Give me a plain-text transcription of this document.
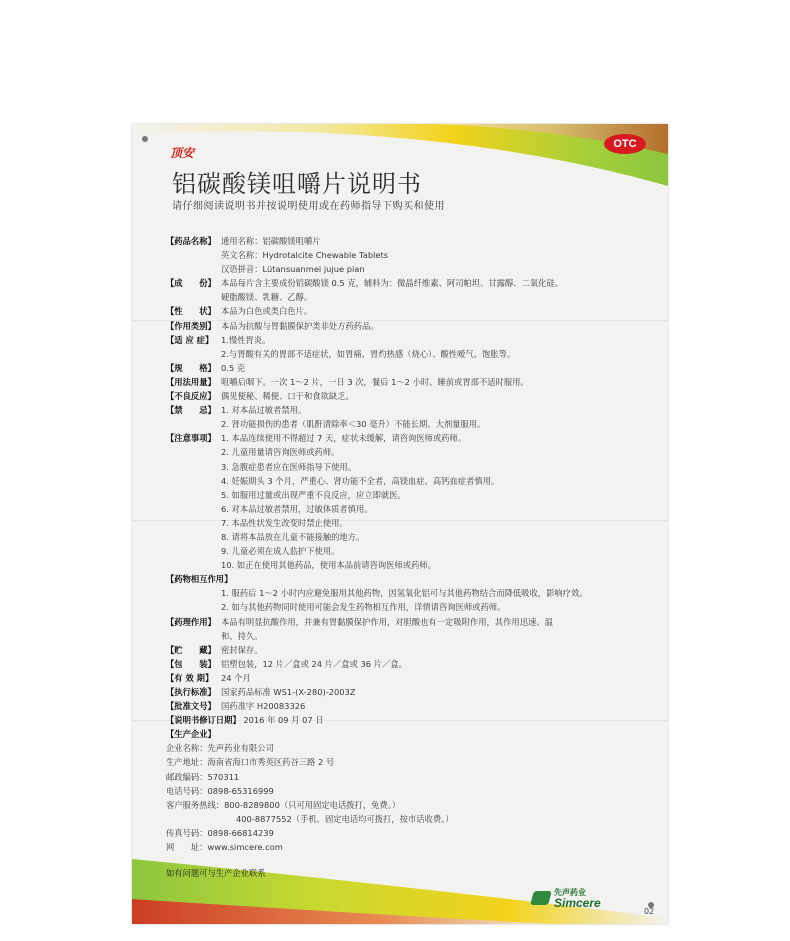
顶安
OTC
铝碳酸镁咀嚼片说明书
请仔细阅读说明书并按说明使用或在药师指导下购买和使用
【药品名称】 通用名称：铝碳酸镁咀嚼片
英文名称：Hydrotalcite Chewable Tablets
汉语拼音：Lütansuanmei jujue pian
【成　　份】 本品每片含主要成份铝碳酸镁 0.5 克，辅料为：微晶纤维素、阿司帕坦、甘露醇、二氧化硅、
硬脂酸镁、乳糖、乙醇。
【性　　状】 本品为白色或类白色片。
【作用类别】 本品为抗酸与胃黏膜保护类非处方药药品。
【适 应 症】 1.慢性胃炎。
2.与胃酸有关的胃部不适症状，如胃痛、胃灼热感（烧心）、酸性嗳气、饱胀等。
【规　　格】 0.5 克
【用法用量】 咀嚼后咽下。一次 1～2 片，一日 3 次，餐后 1～2 小时、睡前或胃部不适时服用。
【不良反应】 偶见便秘、稀便、口干和食欲缺乏。
【禁　　忌】 1. 对本品过敏者禁用。
2. 肾功能损伤的患者（肌酐清除率＜30 毫升）不能长期、大剂量服用。
【注意事项】 1. 本品连续使用不得超过 7 天，症状未缓解，请咨询医师或药师。
2. 儿童用量请咨询医师或药师。
3. 急腹症患者应在医师指导下使用。
4. 妊娠期头 3 个月，严重心、肾功能不全者，高镁血症、高钙血症者慎用。
5. 如服用过量或出现严重不良反应，应立即就医。
6. 对本品过敏者禁用，过敏体质者慎用。
7. 本品性状发生改变时禁止使用。
8. 请将本品放在儿童不能接触的地方。
9. 儿童必须在成人监护下使用。
10. 如正在使用其他药品，使用本品前请咨询医师或药师。
【药物相互作用】
1. 服药后 1～2 小时内应避免服用其他药物，因氢氧化铝可与其他药物结合而降低吸收，影响疗效。
2. 如与其他药物同时使用可能会发生药物相互作用，详情请咨询医师或药师。
【药理作用】 本品有明显抗酸作用，并兼有胃黏膜保护作用，对胆酸也有一定吸附作用，其作用迅速、温
和、持久。
【贮　　藏】 密封保存。
【包　　装】 铝塑包装，12 片／盒或 24 片／盒或 36 片／盒。
【有 效 期】 24 个月
【执行标准】 国家药品标准 WS1-(X-280)-2003Z
【批准文号】 国药准字 H20083326
【说明书修订日期】 2016 年 09 月 07 日
【生产企业】
企业名称：先声药业有限公司
生产地址：海南省海口市秀英区药谷三路 2 号
邮政编码：570311
电话号码：0898-65316999
客户服务热线：800-8289800（只可用固定电话拨打，免费。）
400-8877552（手机、固定电话均可拨打，按市话收费。）
传真号码：0898-66814239
网　　址：www.simcere.com
如有问题可与生产企业联系
先声药业
Simcere
02
